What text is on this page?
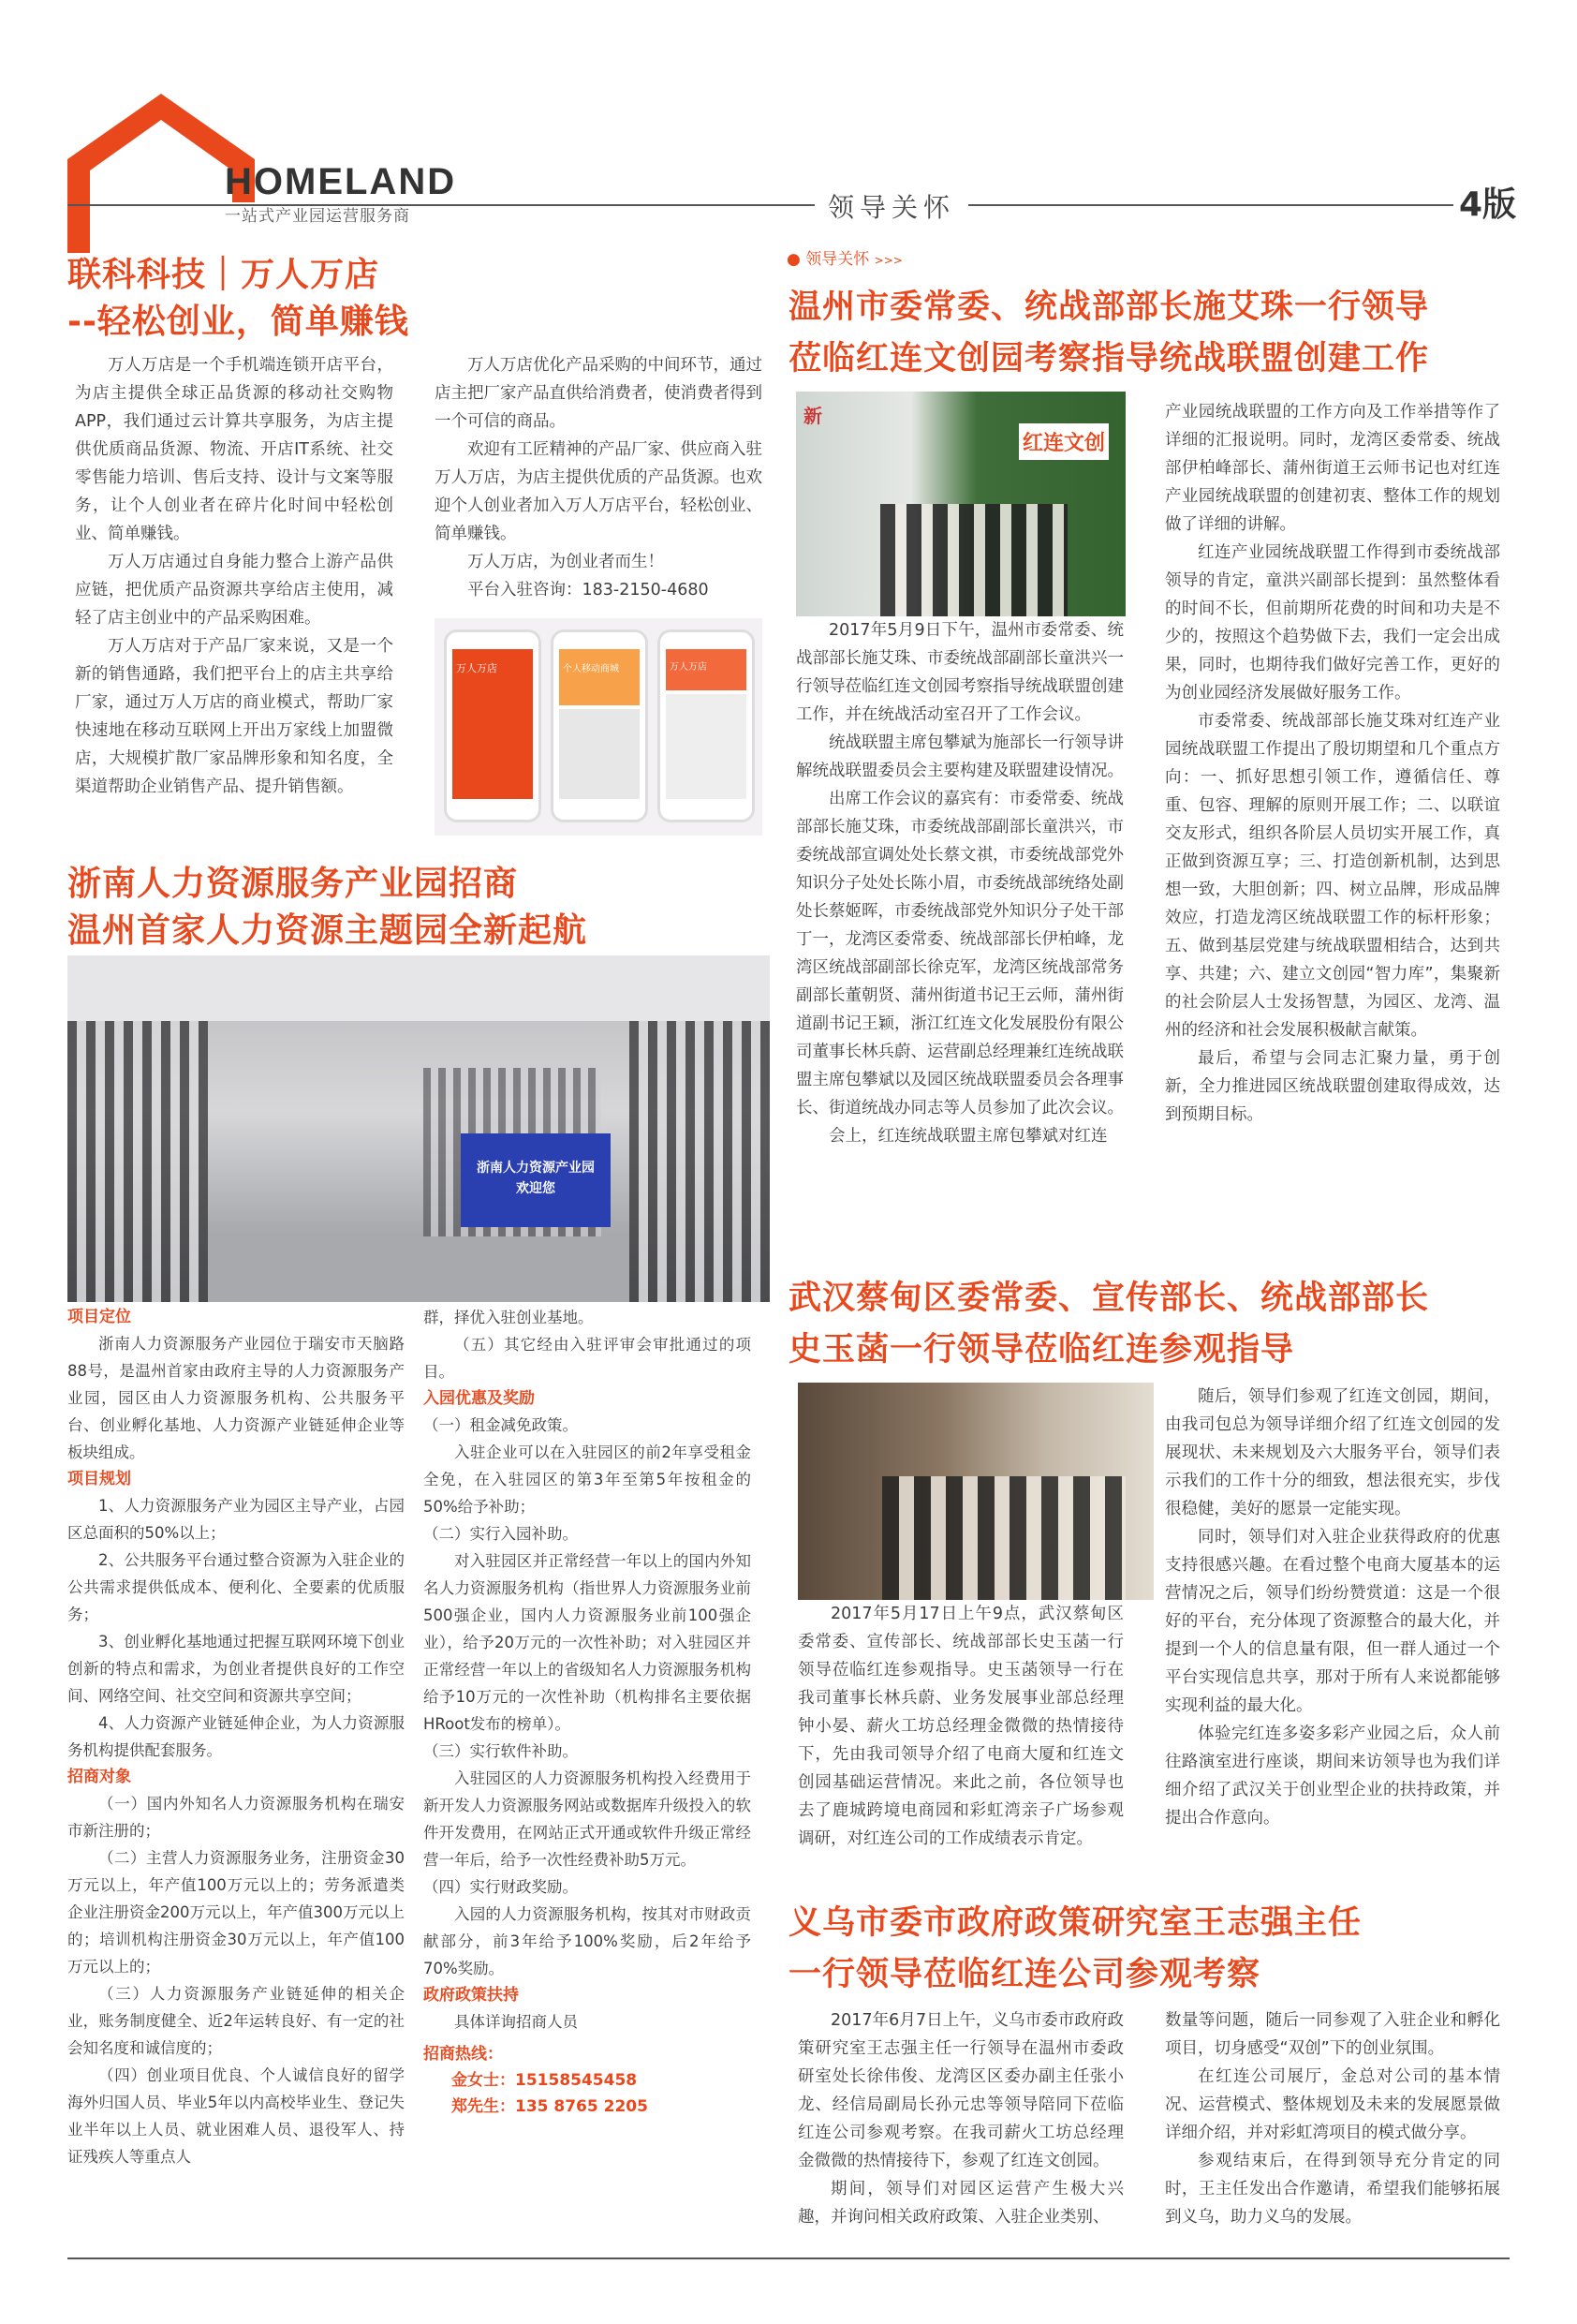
HOMELAND
一站式产业园运营服务商	领导关怀	4版
联科科技｜万人万店
--轻松创业，简单赚钱

万人万店是一个手机端连锁开店平台，为店主提供全球正品货源的移动社交购物APP，我们通过云计算共享服务，为店主提供优质商品货源、物流、开店IT系统、社交零售能力培训、售后支持、设计与文案等服务，让个人创业者在碎片化时间中轻松创业、简单赚钱。

万人万店通过自身能力整合上游产品供应链，把优质产品资源共享给店主使用，减轻了店主创业中的产品采购困难。

万人万店对于产品厂家来说，又是一个新的销售通路，我们把平台上的店主共享给厂家，通过万人万店的商业模式，帮助厂家快速地在移动互联网上开出万家线上加盟微店，大规模扩散厂家品牌形象和知名度，全渠道帮助企业销售产品、提升销售额。

万人万店优化产品采购的中间环节，通过店主把厂家产品直供给消费者，使消费者得到一个可信的商品。

欢迎有工匠精神的产品厂家、供应商入驻万人万店，为店主提供优质的产品货源。也欢迎个人创业者加入万人万店平台，轻松创业、简单赚钱。

万人万店，为创业者而生！

平台入驻咨询：183-2150-4680

万人万店	个人移动商城	万人万店
浙南人力资源服务产业园招商
温州首家人力资源主题园全新起航
浙南人力资源产业园
欢迎您
项目定位

浙南人力资源服务产业园位于瑞安市天脑路88号，是温州首家由政府主导的人力资源服务产业园，园区由人力资源服务机构、公共服务平台、创业孵化基地、人力资源产业链延伸企业等板块组成。

项目规划

1、人力资源服务产业为园区主导产业，占园区总面积的50%以上；

2、公共服务平台通过整合资源为入驻企业的公共需求提供低成本、便利化、全要素的优质服务；

3、创业孵化基地通过把握互联网环境下创业创新的特点和需求，为创业者提供良好的工作空间、网络空间、社交空间和资源共享空间；

4、人力资源产业链延伸企业，为人力资源服务机构提供配套服务。

招商对象

（一）国内外知名人力资源服务机构在瑞安市新注册的；

（二）主营人力资源服务业务，注册资金30万元以上，年产值100万元以上的；劳务派遣类企业注册资金200万元以上，年产值300万元以上的；培训机构注册资金30万元以上，年产值100万元以上的；

（三）人力资源服务产业链延伸的相关企业，账务制度健全、近2年运转良好、有一定的社会知名度和诚信度的；

（四）创业项目优良、个人诚信良好的留学海外归国人员、毕业5年以内高校毕业生、登记失业半年以上人员、就业困难人员、退役军人、持证残疾人等重点人

群，择优入驻创业基地。

（五）其它经由入驻评审会审批通过的项目。

入园优惠及奖励
（一）租金减免政策。

入驻企业可以在入驻园区的前2年享受租金全免，在入驻园区的第3年至第5年按租金的50%给予补助；

（二）实行入园补助。

对入驻园区并正常经营一年以上的国内外知名人力资源服务机构（指世界人力资源服务业前500强企业，国内人力资源服务业前100强企业），给予20万元的一次性补助；对入驻园区并正常经营一年以上的省级知名人力资源服务机构给予10万元的一次性补助（机构排名主要依据HRoot发布的榜单）。

（三）实行软件补助。

入驻园区的人力资源服务机构投入经费用于新开发人力资源服务网站或数据库升级投入的软件开发费用，在网站正式开通或软件升级正常经营一年后，给予一次性经费补助5万元。

（四）实行财政奖励。

入园的人力资源服务机构，按其对市财政贡献部分，前3年给予100%奖励，后2年给予70%奖励。

政府政策扶持

具体详询招商人员

招商热线：
金女士：15158545458
郑先生：135 8765 2205
● 领导关怀 >>>
温州市委常委、统战部部长施艾珠一行领导
莅临红连文创园考察指导统战联盟创建工作
新
红连文创

2017年5月9日下午，温州市委常委、统战部部长施艾珠、市委统战部副部长童洪兴一行领导莅临红连文创园考察指导统战联盟创建工作，并在统战活动室召开了工作会议。

统战联盟主席包攀斌为施部长一行领导讲解统战联盟委员会主要构建及联盟建设情况。

出席工作会议的嘉宾有：市委常委、统战部部长施艾珠，市委统战部副部长童洪兴，市委统战部宣调处处长蔡文祺，市委统战部党外知识分子处处长陈小眉，市委统战部统络处副处长蔡姬晖，市委统战部党外知识分子处干部丁一，龙湾区委常委、统战部部长伊柏峰，龙湾区统战部副部长徐克军，龙湾区统战部常务副部长董朝贤、蒲州街道书记王云师，蒲州街道副书记王颖，浙江红连文化发展股份有限公司董事长林兵蔚、运营副总经理兼红连统战联盟主席包攀斌以及园区统战联盟委员会各理事长、街道统战办同志等人员参加了此次会议。

会上，红连统战联盟主席包攀斌对红连

产业园统战联盟的工作方向及工作举措等作了详细的汇报说明。同时，龙湾区委常委、统战部伊柏峰部长、蒲州街道王云师书记也对红连产业园统战联盟的创建初衷、整体工作的规划做了详细的讲解。

红连产业园统战联盟工作得到市委统战部领导的肯定，童洪兴副部长提到：虽然整体看的时间不长，但前期所花费的时间和功夫是不少的，按照这个趋势做下去，我们一定会出成果，同时，也期待我们做好完善工作，更好的为创业园经济发展做好服务工作。

市委常委、统战部部长施艾珠对红连产业园统战联盟工作提出了殷切期望和几个重点方向：一、抓好思想引领工作，遵循信任、尊重、包容、理解的原则开展工作；二、以联谊交友形式，组织各阶层人员切实开展工作，真正做到资源互享；三、打造创新机制，达到思想一致，大胆创新；四、树立品牌，形成品牌效应，打造龙湾区统战联盟工作的标杆形象；五、做到基层党建与统战联盟相结合，达到共享、共建；六、建立文创园“智力库”，集聚新的社会阶层人士发扬智慧，为园区、龙湾、温州的经济和社会发展积极献言献策。

最后，希望与会同志汇聚力量，勇于创新，全力推进园区统战联盟创建取得成效，达到预期目标。

武汉蔡甸区委常委、宣传部长、统战部部长
史玉菡一行领导莅临红连参观指导

2017年5月17日上午9点，武汉蔡甸区委常委、宣传部长、统战部部长史玉菡一行领导莅临红连参观指导。史玉菡领导一行在我司董事长林兵蔚、业务发展事业部总经理钟小晏、薪火工坊总经理金微微的热情接待下，先由我司领导介绍了电商大厦和红连文创园基础运营情况。来此之前，各位领导也去了鹿城跨境电商园和彩虹湾亲子广场参观调研，对红连公司的工作成绩表示肯定。

随后，领导们参观了红连文创园，期间，由我司包总为领导详细介绍了红连文创园的发展现状、未来规划及六大服务平台，领导们表示我们的工作十分的细致，想法很充实，步伐很稳健，美好的愿景一定能实现。

同时，领导们对入驻企业获得政府的优惠支持很感兴趣。在看过整个电商大厦基本的运营情况之后，领导们纷纷赞赏道：这是一个很好的平台，充分体现了资源整合的最大化，并提到一个人的信息量有限，但一群人通过一个平台实现信息共享，那对于所有人来说都能够实现利益的最大化。

体验完红连多姿多彩产业园之后，众人前往路演室进行座谈，期间来访领导也为我们详细介绍了武汉关于创业型企业的扶持政策，并提出合作意向。

义乌市委市政府政策研究室王志强主任
一行领导莅临红连公司参观考察

2017年6月7日上午，义乌市委市政府政策研究室王志强主任一行领导在温州市委政研室处长徐伟俊、龙湾区区委办副主任张小龙、经信局副局长孙元忠等领导陪同下莅临红连公司参观考察。在我司薪火工坊总经理金微微的热情接待下，参观了红连文创园。

期间，领导们对园区运营产生极大兴趣，并询问相关政府政策、入驻企业类别、

数量等问题，随后一同参观了入驻企业和孵化项目，切身感受“双创”下的创业氛围。

在红连公司展厅，金总对公司的基本情况、运营模式、整体规划及未来的发展愿景做详细介绍，并对彩虹湾项目的模式做分享。

参观结束后，在得到领导充分肯定的同时，王主任发出合作邀请，希望我们能够拓展到义乌，助力义乌的发展。
